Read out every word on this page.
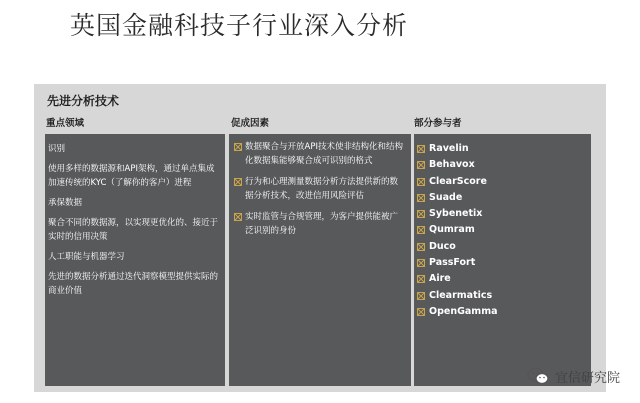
英国金融科技子行业深入分析
先进分析技术
重点领域	促成因素	部分参与者
识别
使用多样的数据源和API架构，通过单点集成加速传统的KYC（了解你的客户）进程
承保数据
聚合不同的数据源，以实现更优化的、接近于实时的信用决策
人工职能与机器学习
先进的数据分析通过迭代洞察模型提供实际的商业价值
数据聚合与开放API技术使非结构化和结构化数据集能够聚合成可识别的格式
行为和心理测量数据分析方法提供新的数据分析技术，改进信用风险评估
实时监管与合规管理，为客户提供能被广泛识别的身份
Ravelin
Behavox
ClearScore
Suade
Sybenetix
Qumram
Duco
PassFort
Aire
Clearmatics
OpenGamma
宜信研究院
